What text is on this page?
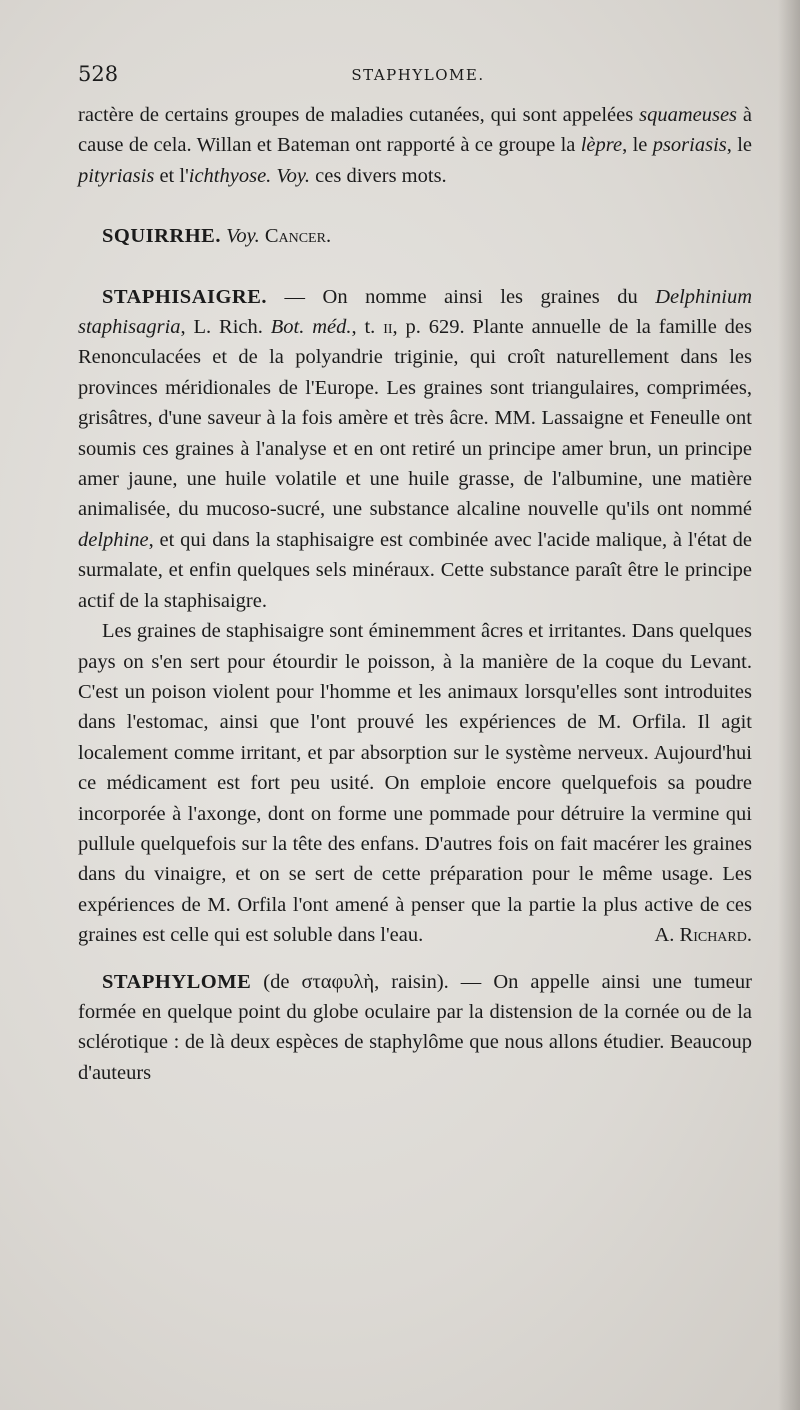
528	STAPHYLOME.

ractère de certains groupes de maladies cutanées, qui sont appelées squameuses à cause de cela. Willan et Bateman ont rapporté à ce groupe la lèpre, le psoriasis, le pityriasis et l'ichthyose. Voy. ces divers mots.

SQUIRRHE. Voy. Cancer.

STAPHISAIGRE. — On nomme ainsi les graines du Delphinium staphisagria, L. Rich. Bot. méd., t. ii, p. 629. Plante annuelle de la famille des Renonculacées et de la polyandrie triginie, qui croît naturellement dans les provinces méridionales de l'Europe. Les graines sont triangulaires, comprimées, grisâtres, d'une saveur à la fois amère et très âcre. MM. Lassaigne et Feneulle ont soumis ces graines à l'analyse et en ont retiré un principe amer brun, un principe amer jaune, une huile volatile et une huile grasse, de l'albumine, une matière animalisée, du mucoso-sucré, une substance alcaline nouvelle qu'ils ont nommé delphine, et qui dans la staphisaigre est combinée avec l'acide malique, à l'état de surmalate, et enfin quelques sels minéraux. Cette substance paraît être le principe actif de la staphisaigre.

Les graines de staphisaigre sont éminemment âcres et irritantes. Dans quelques pays on s'en sert pour étourdir le poisson, à la manière de la coque du Levant. C'est un poison violent pour l'homme et les animaux lorsqu'elles sont introduites dans l'estomac, ainsi que l'ont prouvé les expériences de M. Orfila. Il agit localement comme irritant, et par absorption sur le système nerveux. Aujourd'hui ce médicament est fort peu usité. On emploie encore quelquefois sa poudre incorporée à l'axonge, dont on forme une pommade pour détruire la vermine qui pullule quelquefois sur la tête des enfans. D'autres fois on fait macérer les graines dans du vinaigre, et on se sert de cette préparation pour le même usage. Les expériences de M. Orfila l'ont amené à penser que la partie la plus active de ces graines est celle qui est soluble dans l'eau.	A. Richard.

STAPHYLOME (de σταφυλὴ, raisin). — On appelle ainsi une tumeur formée en quelque point du globe oculaire par la distension de la cornée ou de la sclérotique : de là deux espèces de staphylôme que nous allons étudier. Beaucoup d'auteurs
